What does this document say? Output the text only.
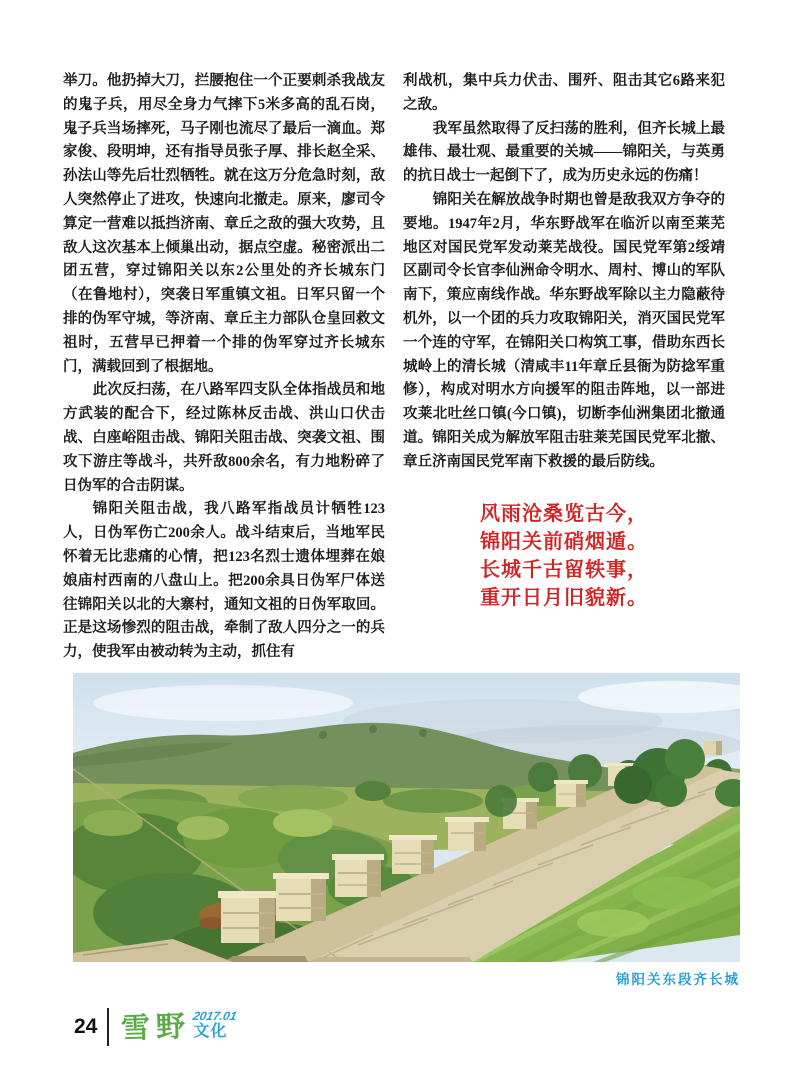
举刀。他扔掉大刀，拦腰抱住一个正要刺杀我战友的鬼子兵，用尽全身力气摔下5米多高的乱石岗，鬼子兵当场摔死，马子刚也流尽了最后一滴血。郑家俊、段明坤，还有指导员张子厚、排长赵全采、孙法山等先后壮烈牺牲。就在这万分危急时刻，敌人突然停止了进攻，快速向北撤走。原来，廖司令算定一营难以抵挡济南、章丘之敌的强大攻势，且敌人这次基本上倾巢出动，据点空虚。秘密派出二团五营，穿过锦阳关以东2公里处的齐长城东门（在鲁地村），突袭日军重镇文祖。日军只留一个排的伪军守城，等济南、章丘主力部队仓皇回救文祖时，五营早已押着一个排的伪军穿过齐长城东门，满载回到了根据地。

此次反扫荡，在八路军四支队全体指战员和地方武装的配合下，经过陈林反击战、洪山口伏击战、白座峪阻击战、锦阳关阻击战、突袭文祖、围攻下游庄等战斗，共歼敌800余名，有力地粉碎了日伪军的合击阴谋。

锦阳关阻击战，我八路军指战员计牺牲123人，日伪军伤亡200余人。战斗结束后，当地军民怀着无比悲痛的心情，把123名烈士遗体埋葬在娘娘庙村西南的八盘山上。把200余具日伪军尸体送往锦阳关以北的大寨村，通知文祖的日伪军取回。正是这场惨烈的阻击战，牵制了敌人四分之一的兵力，使我军由被动转为主动，抓住有

利战机，集中兵力伏击、围歼、阻击其它6路来犯之敌。

我军虽然取得了反扫荡的胜利，但齐长城上最雄伟、最壮观、最重要的关城——锦阳关，与英勇的抗日战士一起倒下了，成为历史永远的伤痛！

锦阳关在解放战争时期也曾是敌我双方争夺的要地。1947年2月，华东野战军在临沂以南至莱芜地区对国民党军发动莱芜战役。国民党军第2绥靖区副司令长官李仙洲命令明水、周村、博山的军队南下，策应南线作战。华东野战军除以主力隐蔽待机外，以一个团的兵力攻取锦阳关，消灭国民党军一个连的守军，在锦阳关口构筑工事，借助东西长城岭上的清长城（清咸丰11年章丘县衙为防捻军重修），构成对明水方向援军的阻击阵地，以一部进攻莱北吐丝口镇(今口镇)，切断李仙洲集团北撤通道。锦阳关成为解放军阻击驻莱芜国民党军北撤、章丘济南国民党军南下救援的最后防线。

风雨沧桑览古今，
锦阳关前硝烟遁。
长城千古留轶事，
重开日月旧貌新。
锦阳关东段齐长城
24 雪野 2017.01
文化
